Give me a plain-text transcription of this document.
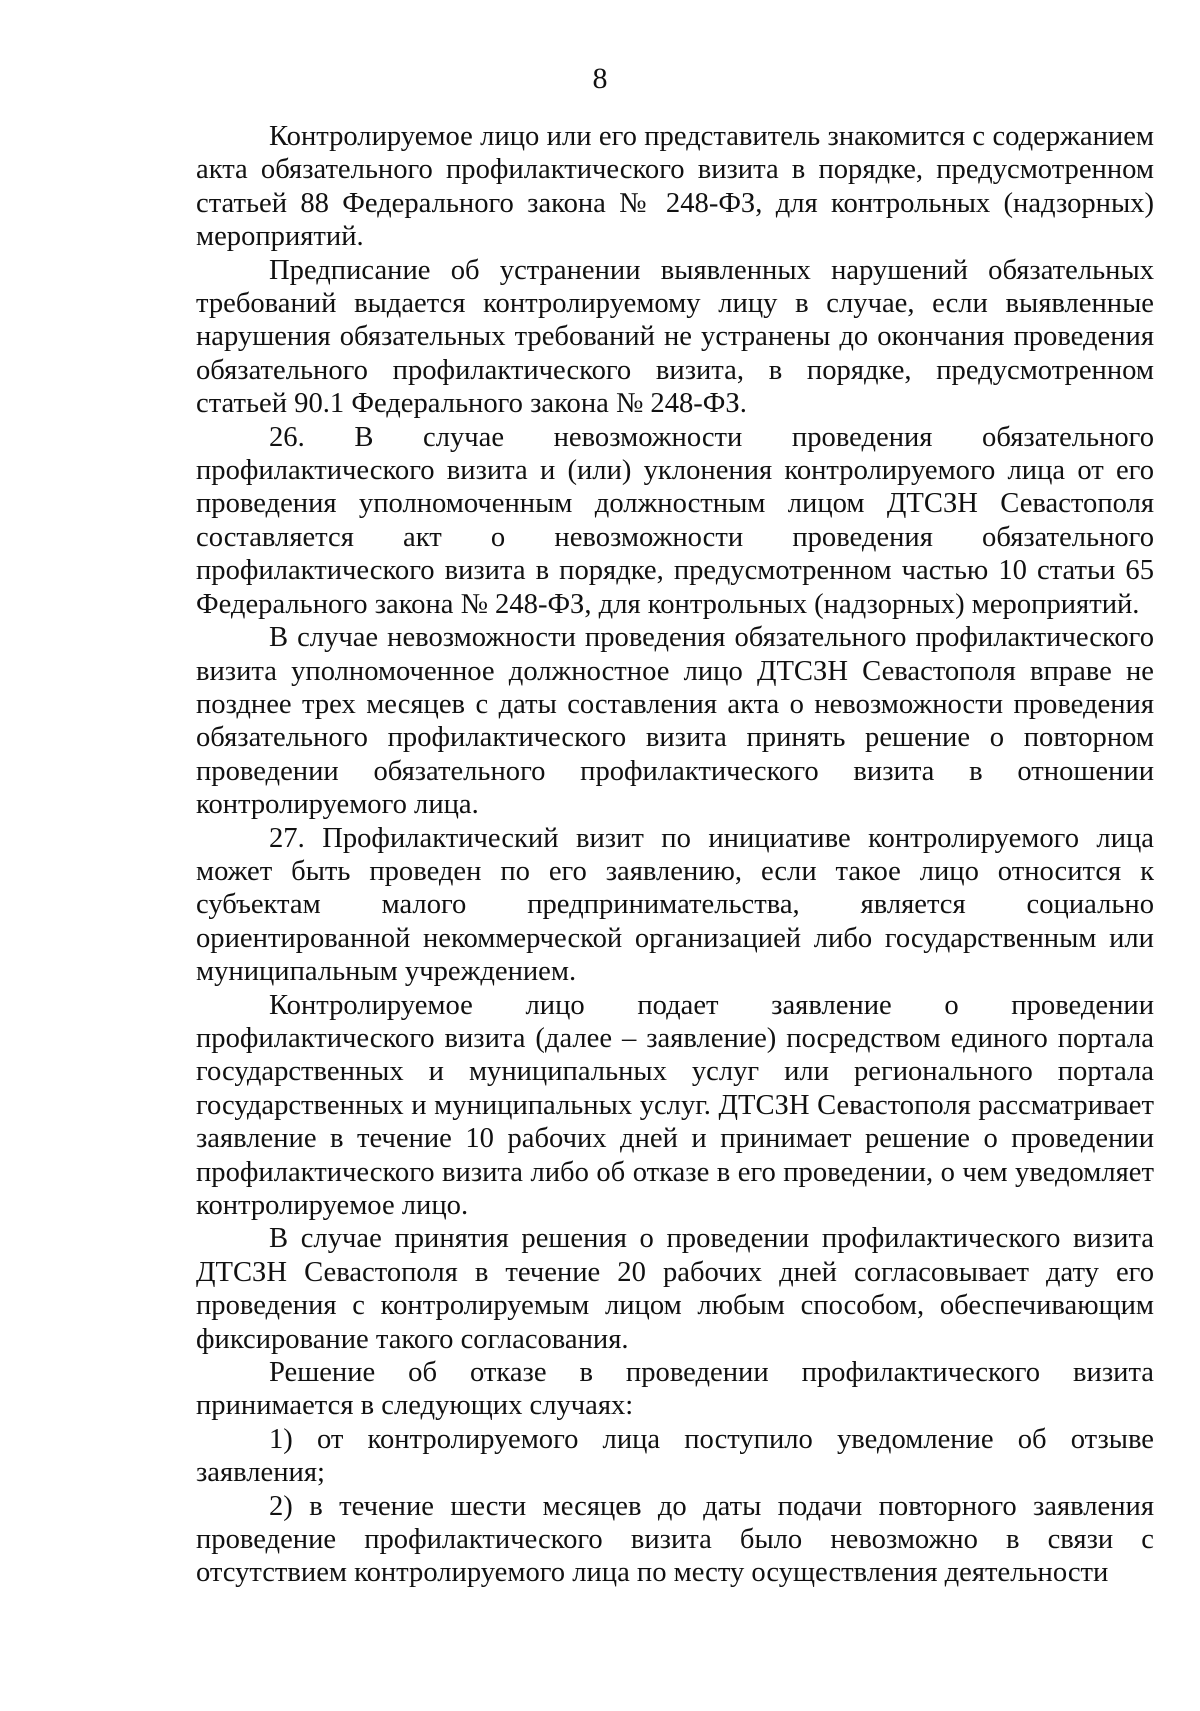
8

Контролируемое лицо или его представитель знакомится с содержанием акта обязательного профилактического визита в порядке, предусмотренном статьей 88 Федерального закона № 248-ФЗ, для контрольных (надзорных) мероприятий.

Предписание об устранении выявленных нарушений обязательных требований выдается контролируемому лицу в случае, если выявленные нарушения обязательных требований не устранены до окончания проведения обязательного профилактического визита, в порядке, предусмотренном статьей 90.1 Федерального закона № 248-ФЗ.

26. В случае невозможности проведения обязательного профилактического визита и (или) уклонения контролируемого лица от его проведения уполномоченным должностным лицом ДТСЗН Севастополя составляется акт о невозможности проведения обязательного профилактического визита в порядке, предусмотренном частью 10 статьи 65 Федерального закона № 248-ФЗ, для контрольных (надзорных) мероприятий.

В случае невозможности проведения обязательного профилактического визита уполномоченное должностное лицо ДТСЗН Севастополя вправе не позднее трех месяцев с даты составления акта о невозможности проведения обязательного профилактического визита принять решение о повторном проведении обязательного профилактического визита в отношении контролируемого лица.

27. Профилактический визит по инициативе контролируемого лица может быть проведен по его заявлению, если такое лицо относится к субъектам малого предпринимательства, является социально ориентированной некоммерческой организацией либо государственным или муниципальным учреждением.

Контролируемое лицо подает заявление о проведении профилактического визита (далее – заявление) посредством единого портала государственных и муниципальных услуг или регионального портала государственных и муниципальных услуг. ДТСЗН Севастополя рассматривает заявление в течение 10 рабочих дней и принимает решение о проведении профилактического визита либо об отказе в его проведении, о чем уведомляет контролируемое лицо.

В случае принятия решения о проведении профилактического визита ДТСЗН Севастополя в течение 20 рабочих дней согласовывает дату его проведения с контролируемым лицом любым способом, обеспечивающим фиксирование такого согласования.

Решение об отказе в проведении профилактического визита принимается в следующих случаях:

1) от контролируемого лица поступило уведомление об отзыве заявления;

2) в течение шести месяцев до даты подачи повторного заявления проведение профилактического визита было невозможно в связи с отсутствием контролируемого лица по месту осуществления деятельности
